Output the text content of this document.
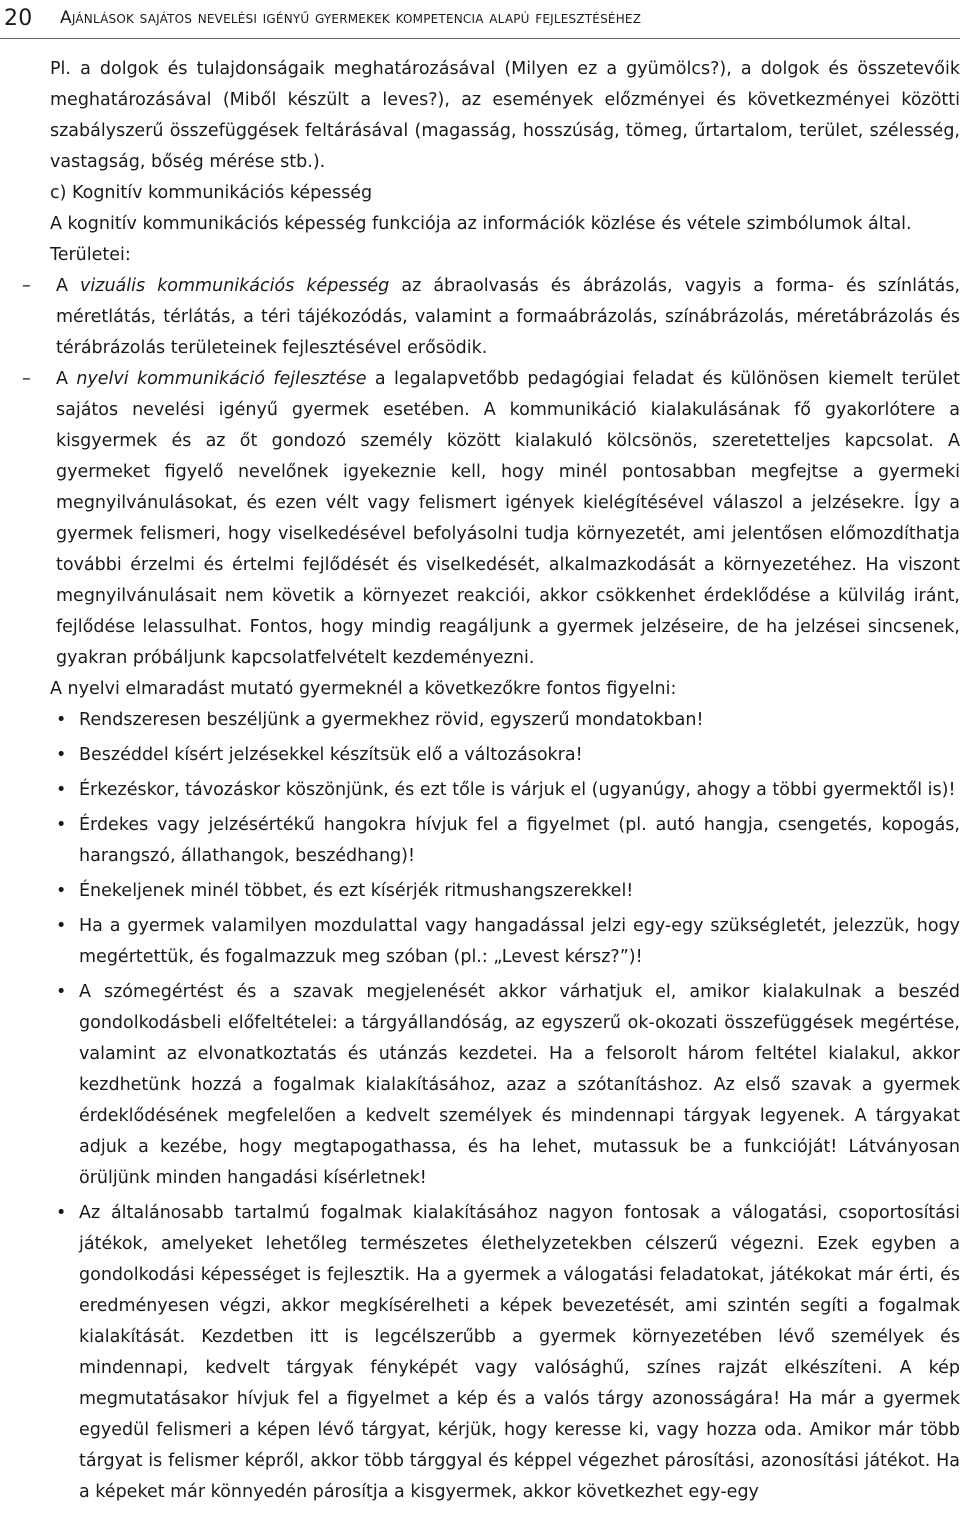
20 Ajánlások sajátos nevelési igényű gyermekek kompetencia alapú fejlesztéséhez

Pl. a dolgok és tulajdonságaik meghatározásával (Milyen ez a gyümölcs?), a dolgok és összetevőik meghatározásával (Miből készült a leves?), az események előzményei és következményei közötti szabályszerű összefüggések feltárásával (magasság, hosszúság, tömeg, űrtartalom, terület, szélesség, vastagság, bőség mérése stb.).

c) Kognitív kommunikációs képesség

A kognitív kommunikációs képesség funkciója az információk közlése és vétele szimbólumok által.

Területei:

– A vizuális kommunikációs képesség az ábraolvasás és ábrázolás, vagyis a forma- és színlátás, méretlátás, térlátás, a téri tájékozódás, valamint a formaábrázolás, színábrázolás, méretábrázolás és térábrázolás területeinek fejlesztésével erősödik.

– A nyelvi kommunikáció fejlesztése a legalapvetőbb pedagógiai feladat és különösen kiemelt terület sajátos nevelési igényű gyermek esetében. A kommunikáció kialakulásának fő gyakorlótere a kisgyermek és az őt gondozó személy között kialakuló kölcsönös, szeretetteljes kapcsolat. A gyermeket figyelő nevelőnek igyekeznie kell, hogy minél pontosabban megfejtse a gyermeki megnyilvánulásokat, és ezen vélt vagy felismert igények kielégítésével válaszol a jelzésekre. Így a gyermek felismeri, hogy viselkedésével befolyásolni tudja környezetét, ami jelentősen előmozdíthatja további érzelmi és értelmi fejlődését és viselkedését, alkalmazkodását a környezetéhez. Ha viszont megnyilvánulásait nem követik a környezet reakciói, akkor csökkenhet érdeklődése a külvilág iránt, fejlődése lelassulhat. Fontos, hogy mindig reagáljunk a gyermek jelzéseire, de ha jelzései sincsenek, gyakran próbáljunk kapcsolatfelvételt kezdeményezni.

A nyelvi elmaradást mutató gyermeknél a következőkre fontos figyelni:

• Rendszeresen beszéljünk a gyermekhez rövid, egyszerű mondatokban!
• Beszéddel kísért jelzésekkel készítsük elő a változásokra!
• Érkezéskor, távozáskor köszönjünk, és ezt tőle is várjuk el (ugyanúgy, ahogy a többi gyermektől is)!
• Érdekes vagy jelzésértékű hangokra hívjuk fel a figyelmet (pl. autó hangja, csengetés, kopogás, harangszó, állathangok, beszédhang)!
• Énekeljenek minél többet, és ezt kísérjék ritmushangszerekkel!
• Ha a gyermek valamilyen mozdulattal vagy hangadással jelzi egy-egy szükségletét, jelezzük, hogy megértettük, és fogalmazzuk meg szóban (pl.: „Levest kérsz?”)!
• A szómegértést és a szavak megjelenését akkor várhatjuk el, amikor kialakulnak a beszéd gondolkodásbeli előfeltételei: a tárgyállandóság, az egyszerű ok-okozati összefüggések megértése, valamint az elvonatkoztatás és utánzás kezdetei. Ha a felsorolt három feltétel kialakul, akkor kezdhetünk hozzá a fogalmak kialakításához, azaz a szótanításhoz. Az első szavak a gyermek érdeklődésének megfelelően a kedvelt személyek és mindennapi tárgyak legyenek. A tárgyakat adjuk a kezébe, hogy megtapogathassa, és ha lehet, mutassuk be a funkcióját! Látványosan örüljünk minden hangadási kísérletnek!
• Az általánosabb tartalmú fogalmak kialakításához nagyon fontosak a válogatási, csoportosítási játékok, amelyeket lehetőleg természetes élethelyzetekben célszerű végezni. Ezek egyben a gondolkodási képességet is fejlesztik. Ha a gyermek a válogatási feladatokat, játékokat már érti, és eredményesen végzi, akkor megkísérelheti a képek bevezetését, ami szintén segíti a fogalmak kialakítását. Kezdetben itt is legcélszerűbb a gyermek környezetében lévő személyek és mindennapi, kedvelt tárgyak fényképét vagy valósághű, színes rajzát elkészíteni. A kép megmutatásakor hívjuk fel a figyelmet a kép és a valós tárgy azonosságára! Ha már a gyermek egyedül felismeri a képen lévő tárgyat, kérjük, hogy keresse ki, vagy hozza oda. Amikor már több tárgyat is felismer képről, akkor több tárggyal és képpel végezhet párosítási, azonosítási játékot. Ha a képeket már könnyedén párosítja a kisgyermek, akkor következhet egy-egy
